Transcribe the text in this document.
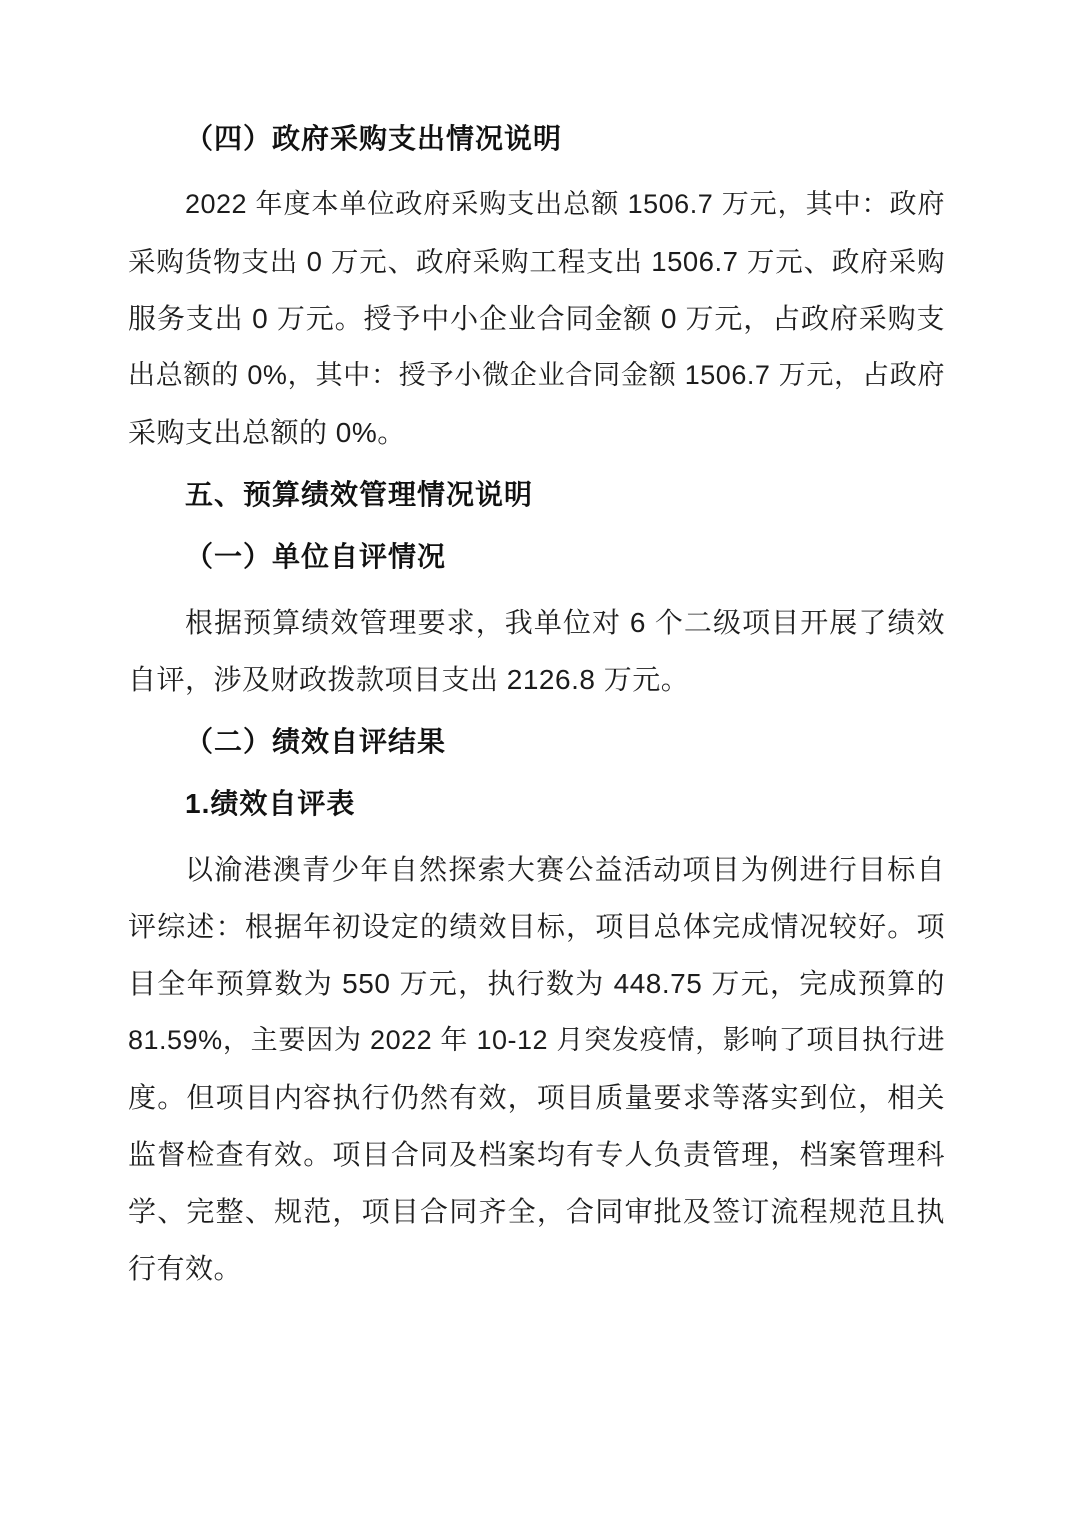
（四）政府采购支出情况说明
2022 年度本单位政府采购支出总额 1506.7 万元，其中：政府
采购货物支出 0 万元、政府采购工程支出 1506.7 万元、政府采购
服务支出 0 万元。授予中小企业合同金额 0 万元，占政府采购支
出总额的 0%，其中：授予小微企业合同金额 1506.7 万元，占政府
采购支出总额的 0%。
五、预算绩效管理情况说明
（一）单位自评情况
根据预算绩效管理要求，我单位对 6 个二级项目开展了绩效
自评，涉及财政拨款项目支出 2126.8 万元。
（二）绩效自评结果
1.绩效自评表
以渝港澳青少年自然探索大赛公益活动项目为例进行目标自
评综述：根据年初设定的绩效目标，项目总体完成情况较好。项
目全年预算数为 550 万元，执行数为 448.75 万元，完成预算的
81.59%，主要因为 2022 年 10-12 月突发疫情，影响了项目执行进
度。但项目内容执行仍然有效，项目质量要求等落实到位，相关
监督检查有效。项目合同及档案均有专人负责管理，档案管理科
学、完整、规范，项目合同齐全，合同审批及签订流程规范且执
行有效。
